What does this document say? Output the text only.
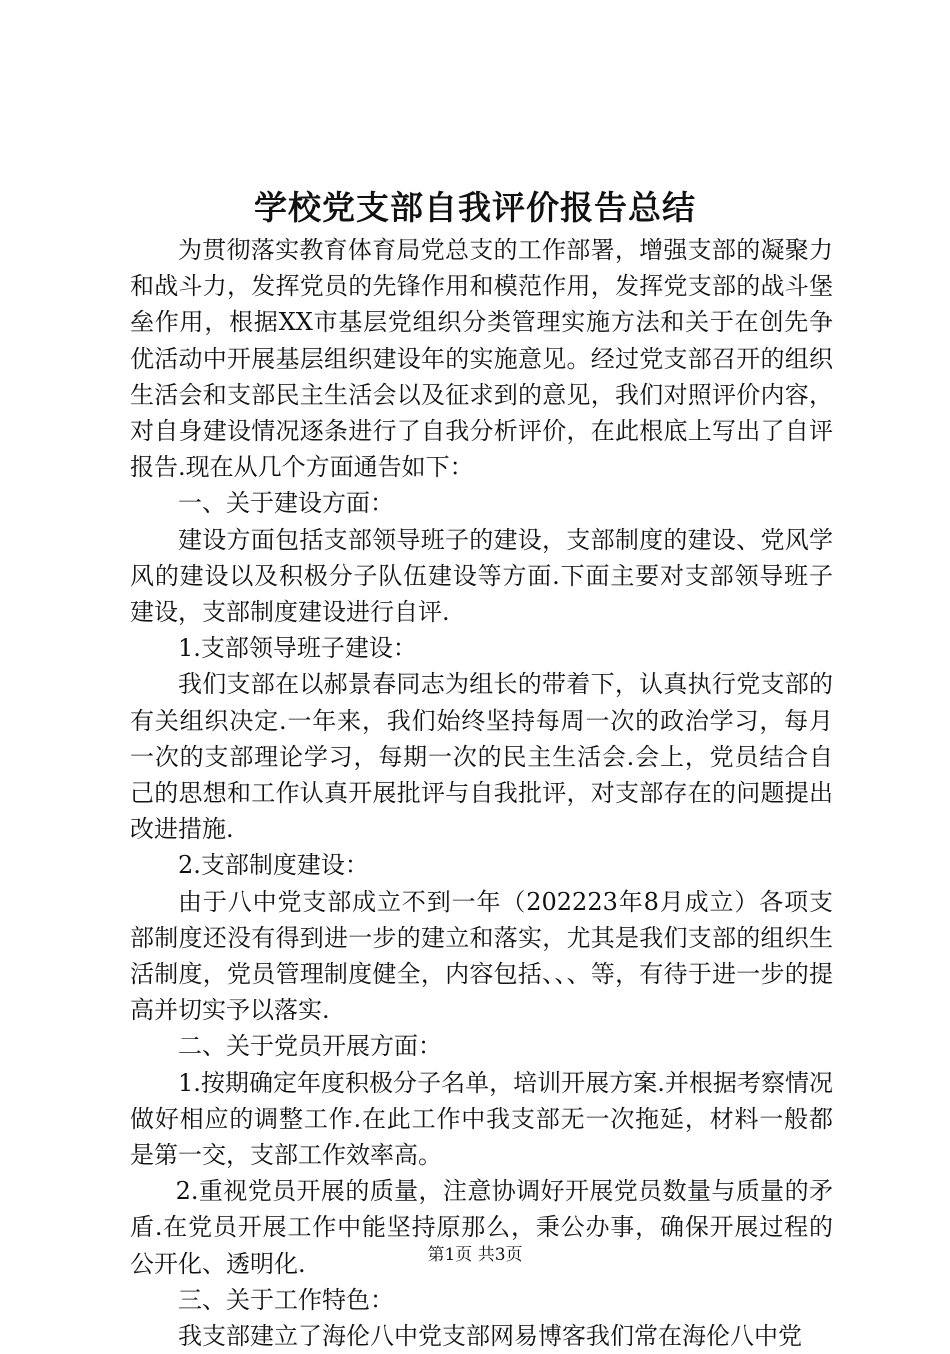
学校党支部自我评价报告总结

为贯彻落实教育体育局党总支的工作部署，增强支部的凝聚力和战斗力，发挥党员的先锋作用和模范作用，发挥党支部的战斗堡垒作用，根据XX市基层党组织分类管理实施方法和关于在创先争优活动中开展基层组织建设年的实施意见。经过党支部召开的组织生活会和支部民主生活会以及征求到的意见，我们对照评价内容，对自身建设情况逐条进行了自我分析评价，在此根底上写出了自评报告.现在从几个方面通告如下：

一、关于建设方面：

建设方面包括支部领导班子的建设，支部制度的建设、党风学风的建设以及积极分子队伍建设等方面.下面主要对支部领导班子建设，支部制度建设进行自评.

1.支部领导班子建设：

我们支部在以郝景春同志为组长的带着下，认真执行党支部的有关组织决定.一年来，我们始终坚持每周一次的政治学习，每月一次的支部理论学习，每期一次的民主生活会.会上，党员结合自己的思想和工作认真开展批评与自我批评，对支部存在的问题提出改进措施.

2.支部制度建设：

由于八中党支部成立不到一年（202223年8月成立）各项支部制度还没有得到进一步的建立和落实，尤其是我们支部的组织生活制度，党员管理制度健全，内容包括、、、等，有待于进一步的提高并切实予以落实.

二、关于党员开展方面：

1.按期确定年度积极分子名单，培训开展方案.并根据考察情况做好相应的调整工作.在此工作中我支部无一次拖延，材料一般都是第一交，支部工作效率高。

2.重视党员开展的质量，注意协调好开展党员数量与质量的矛盾.在党员开展工作中能坚持原那么，秉公办事，确保开展过程的公开化、透明化.

三、关于工作特色：

我支部建立了海伦八中党支部网易博客我们常在海伦八中党

第1页 共3页
